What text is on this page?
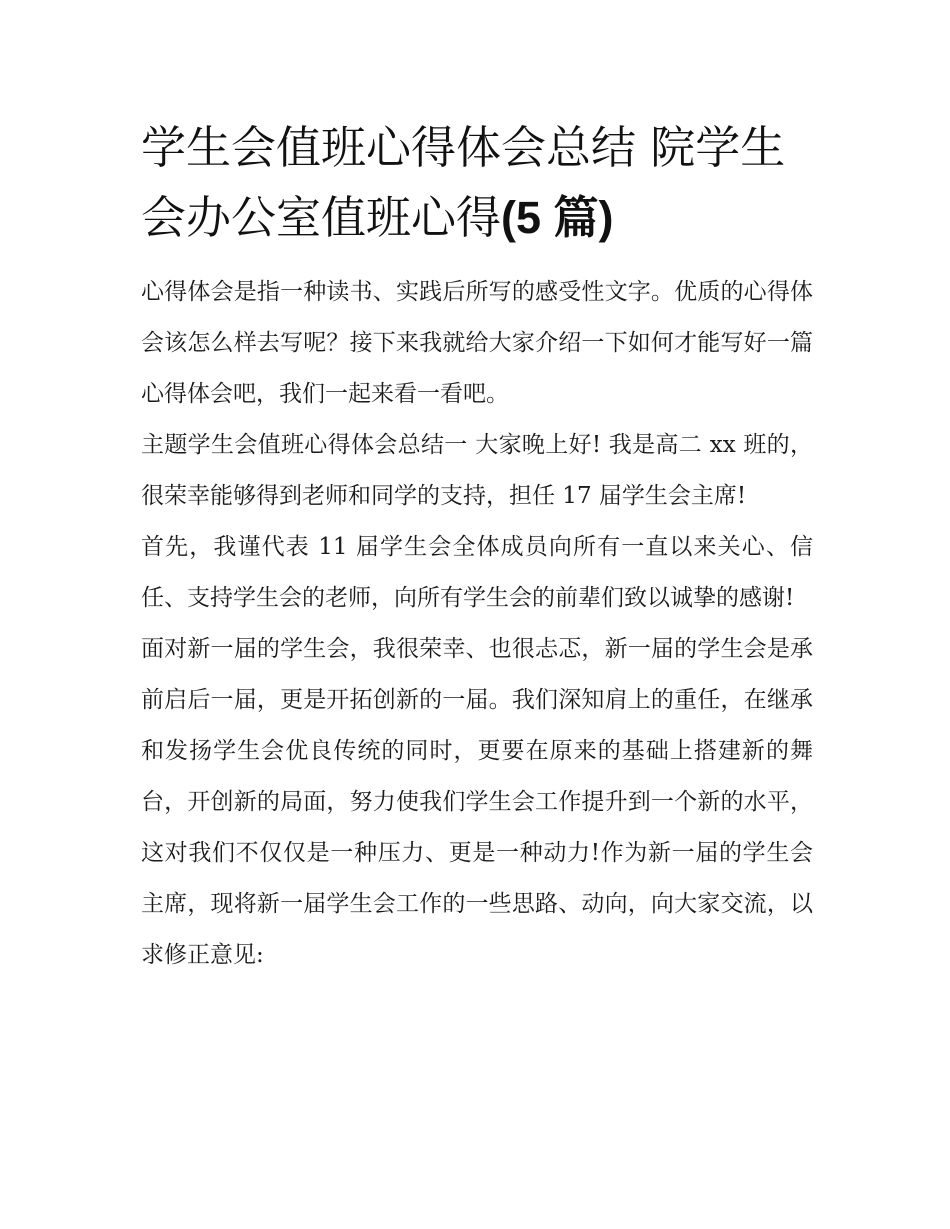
学生会值班心得体会总结 院学生会办公室值班心得(5 篇)

心得体会是指一种读书、实践后所写的感受性文字。优质的心得体会该怎么样去写呢？接下来我就给大家介绍一下如何才能写好一篇心得体会吧，我们一起来看一看吧。

主题学生会值班心得体会总结一 大家晚上好! 我是高二 xx 班的，很荣幸能够得到老师和同学的支持，担任 17 届学生会主席!

首先，我谨代表 11 届学生会全体成员向所有一直以来关心、信任、支持学生会的老师，向所有学生会的前辈们致以诚挚的感谢!

面对新一届的学生会，我很荣幸、也很忐忑，新一届的学生会是承前启后一届，更是开拓创新的一届。我们深知肩上的重任，在继承和发扬学生会优良传统的同时，更要在原来的基础上搭建新的舞台，开创新的局面，努力使我们学生会工作提升到一个新的水平，这对我们不仅仅是一种压力、更是一种动力!作为新一届的学生会主席，现将新一届学生会工作的一些思路、动向，向大家交流，以求修正意见:
